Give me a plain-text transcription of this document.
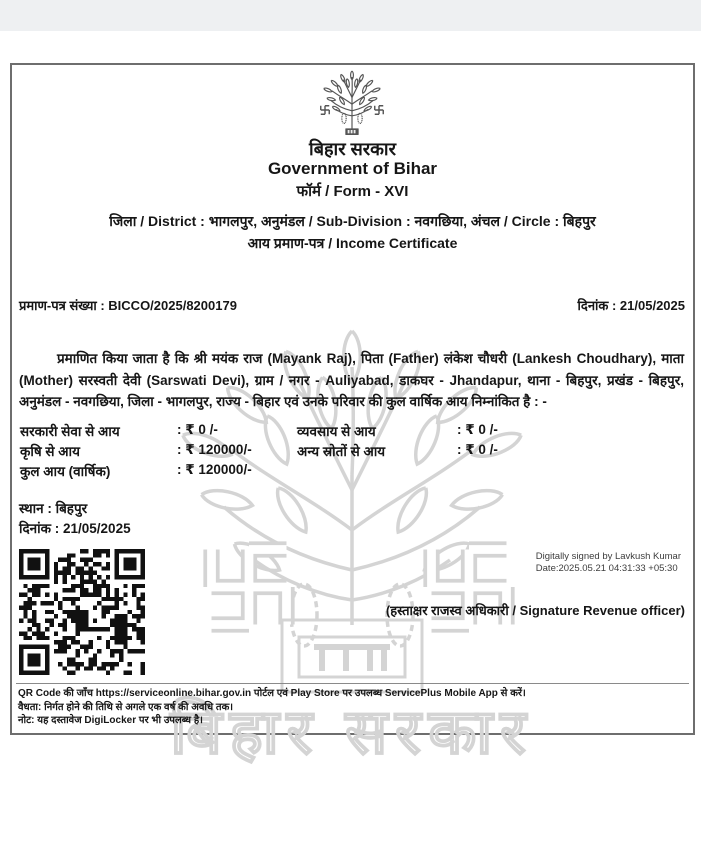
बिहार सरकार
बिहार सरकार
Government of Bihar
फॉर्म / Form - XVI
जिला / District : भागलपुर, अनुमंडल / Sub-Division : नवगछिया, अंचल / Circle : बिहपुर
आय प्रमाण-पत्र / Income Certificate
प्रमाण-पत्र संख्या : BICCO/2025/8200179	दिनांक : 21/05/2025
प्रमाणित किया जाता है कि श्री मयंक राज (Mayank Raj), पिता (Father) लंकेश चौधरी (Lankesh Choudhary), माता (Mother) सरस्वती देवी (Sarswati Devi), ग्राम / नगर - Auliyabad, डाकघर - Jhandapur, थाना - बिहपुर, प्रखंड - बिहपुर, अनुमंडल - नवगछिया, जिला - भागलपुर, राज्य - बिहार एवं उनके परिवार की कुल वार्षिक आय निम्नांकित है : -
सरकारी सेवा से आय	: ₹ 0 /-	व्यवसाय से आय	: ₹ 0 /-
कृषि से आय	: ₹ 120000/-	अन्य स्रोतों से आय	: ₹ 0 /-
कुल आय (वार्षिक)	: ₹ 120000/-
स्थान : बिहपुर
दिनांक : 21/05/2025
Digitally signed by Lavkush Kumar
Date:2025.05.21 04:31:33 +05:30
(हस्ताक्षर राजस्व अधिकारी / Signature Revenue officer)
QR Code की जाँच https://serviceonline.bihar.gov.in पोर्टल एवं Play Store पर उपलब्ध ServicePlus Mobile App से करें।
वैधता: निर्गत होने की तिथि से अगले एक वर्ष की अवधि तक।
नोट: यह दस्तावेज DigiLocker पर भी उपलब्ध है।
